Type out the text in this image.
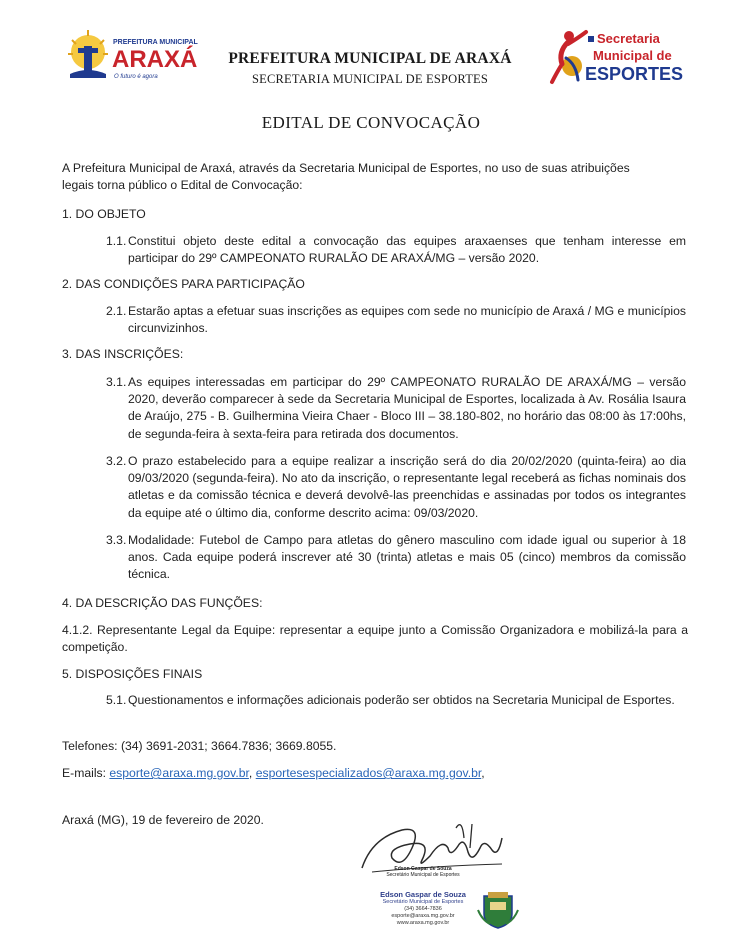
PREFEITURA MUNICIPAL
ARAXÁ
O futuro é agora
PREFEITURA MUNICIPAL DE ARAXÁ
SECRETARIA MUNICIPAL DE ESPORTES
Secretaria
Municipal de
ESPORTES
EDITAL DE CONVOCAÇÃO
A Prefeitura Municipal de Araxá, através da Secretaria Municipal de Esportes, no uso de suas atribuições
legais torna público o Edital de Convocação:
1. DO OBJETO
1.1. Constitui objeto deste edital a convocação das equipes araxaenses que tenham interesse em participar do 29º CAMPEONATO RURALÃO DE ARAXÁ/MG – versão 2020.
2. DAS CONDIÇÕES PARA PARTICIPAÇÃO
2.1. Estarão aptas a efetuar suas inscrições as equipes com sede no município de Araxá / MG e municípios circunvizinhos.
3. DAS INSCRIÇÕES:
3.1. As equipes interessadas em participar do 29º CAMPEONATO RURALÃO DE ARAXÁ/MG – versão 2020, deverão comparecer à sede da Secretaria Municipal de Esportes, localizada à Av. Rosália Isaura de Araújo, 275 - B. Guilhermina Vieira Chaer - Bloco III – 38.180-802, no horário das 08:00 às 17:00hs, de segunda-feira à sexta-feira para retirada dos documentos.
3.2. O prazo estabelecido para a equipe realizar a inscrição será do dia 20/02/2020 (quinta-feira) ao dia 09/03/2020 (segunda-feira). No ato da inscrição, o representante legal receberá as fichas nominais dos atletas e da comissão técnica e deverá devolvê-las preenchidas e assinadas por todos os integrantes da equipe até o último dia, conforme descrito acima: 09/03/2020.
3.3. Modalidade: Futebol de Campo para atletas do gênero masculino com idade igual ou superior à 18 anos. Cada equipe poderá inscrever até 30 (trinta) atletas e mais 05 (cinco) membros da comissão técnica.
4. DA DESCRIÇÃO DAS FUNÇÕES:
4.1.2. Representante Legal da Equipe: representar a equipe junto a Comissão Organizadora e mobilizá-la para a competição.
5. DISPOSIÇÕES FINAIS
5.1. Questionamentos e informações adicionais poderão ser obtidos na Secretaria Municipal de Esportes.
Telefones: (34) 3691-2031; 3664.7836; 3669.8055.
E-mails: esporte@araxa.mg.gov.br, esportesespecializados@araxa.mg.gov.br,
Araxá (MG), 19 de fevereiro de 2020.
Edson Gaspar de Souza
Secretário Municipal de Esportes
Edson Gaspar de Souza
Secretário Municipal de Esportes
(34) 3664-7836
esporte@araxa.mg.gov.br
www.araxa.mg.gov.br
